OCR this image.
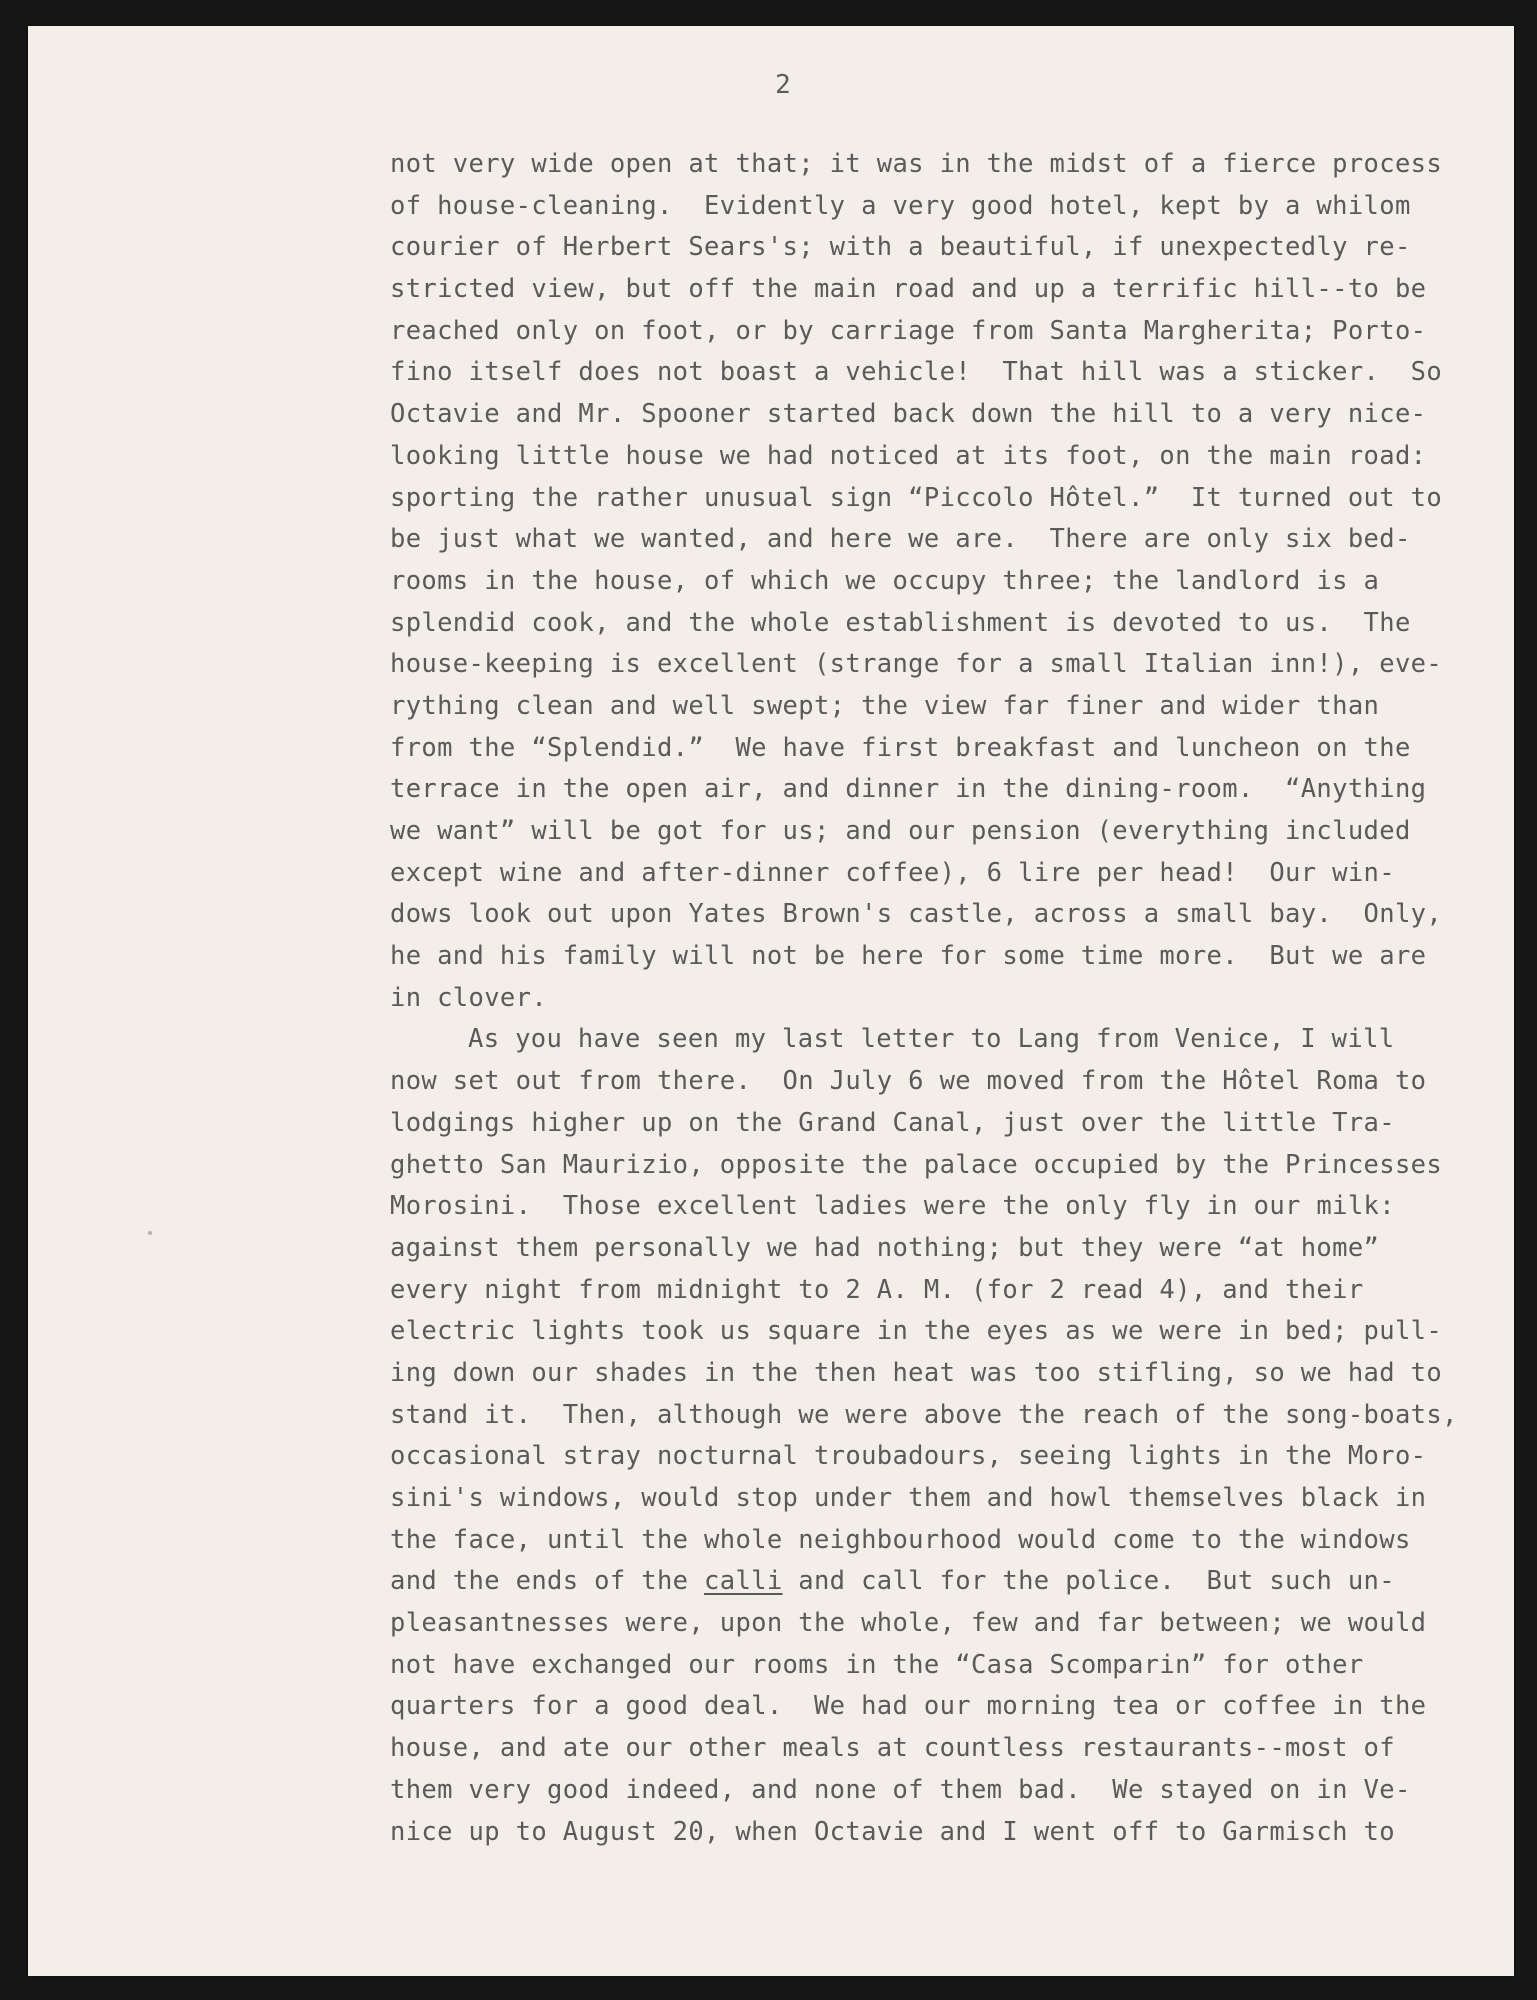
2
not very wide open at that; it was in the midst of a fierce process
of house-cleaning.  Evidently a very good hotel, kept by a whilom
courier of Herbert Sears's; with a beautiful, if unexpectedly re-
stricted view, but off the main road and up a terrific hill--to be
reached only on foot, or by carriage from Santa Margherita; Porto-
fino itself does not boast a vehicle!  That hill was a sticker.  So
Octavie and Mr. Spooner started back down the hill to a very nice-
looking little house we had noticed at its foot, on the main road:
sporting the rather unusual sign “Piccolo Hôtel.”  It turned out to
be just what we wanted, and here we are.  There are only six bed-
rooms in the house, of which we occupy three; the landlord is a
splendid cook, and the whole establishment is devoted to us.  The
house-keeping is excellent (strange for a small Italian inn!), eve-
rything clean and well swept; the view far finer and wider than
from the “Splendid.”  We have first breakfast and luncheon on the
terrace in the open air, and dinner in the dining-room.  “Anything
we want” will be got for us; and our pension (everything included
except wine and after-dinner coffee), 6 lire per head!  Our win-
dows look out upon Yates Brown's castle, across a small bay.  Only,
he and his family will not be here for some time more.  But we are
in clover.
As you have seen my last letter to Lang from Venice, I will
now set out from there.  On July 6 we moved from the Hôtel Roma to
lodgings higher up on the Grand Canal, just over the little Tra-
ghetto San Maurizio, opposite the palace occupied by the Princesses
Morosini.  Those excellent ladies were the only fly in our milk:
against them personally we had nothing; but they were “at home”
every night from midnight to 2 A. M. (for 2 read 4), and their
electric lights took us square in the eyes as we were in bed; pull-
ing down our shades in the then heat was too stifling, so we had to
stand it.  Then, although we were above the reach of the song-boats,
occasional stray nocturnal troubadours, seeing lights in the Moro-
sini's windows, would stop under them and howl themselves black in
the face, until the whole neighbourhood would come to the windows
and the ends of the calli and call for the police.  But such un-
pleasantnesses were, upon the whole, few and far between; we would
not have exchanged our rooms in the “Casa Scomparin” for other
quarters for a good deal.  We had our morning tea or coffee in the
house, and ate our other meals at countless restaurants--most of
them very good indeed, and none of them bad.  We stayed on in Ve-
nice up to August 20, when Octavie and I went off to Garmisch to
